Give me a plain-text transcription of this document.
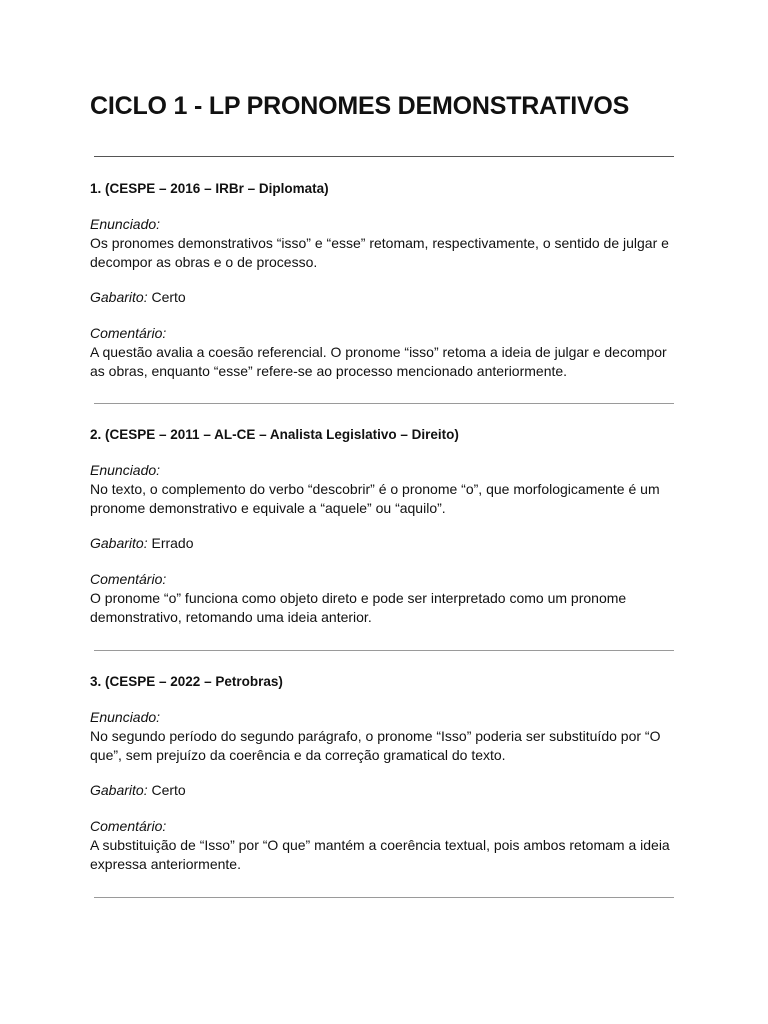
CICLO 1 - LP PRONOMES DEMONSTRATIVOS

1. (CESPE – 2016 – IRBr – Diplomata)

Enunciado:

Os pronomes demonstrativos “isso” e “esse” retomam, respectivamente, o sentido de julgar e decompor as obras e o de processo.

Gabarito: Certo
Comentário:

A questão avalia a coesão referencial. O pronome “isso” retoma a ideia de julgar e decompor as obras, enquanto “esse” refere-se ao processo mencionado anteriormente.

2. (CESPE – 2011 – AL-CE – Analista Legislativo – Direito)

Enunciado:

No texto, o complemento do verbo “descobrir” é o pronome “o”, que morfologicamente é um pronome demonstrativo e equivale a “aquele” ou “aquilo”.

Gabarito: Errado
Comentário:

O pronome “o” funciona como objeto direto e pode ser interpretado como um pronome demonstrativo, retomando uma ideia anterior.

3. (CESPE – 2022 – Petrobras)

Enunciado:

No segundo período do segundo parágrafo, o pronome “Isso” poderia ser substituído por “O que”, sem prejuízo da coerência e da correção gramatical do texto.

Gabarito: Certo
Comentário:

A substituição de “Isso” por “O que” mantém a coerência textual, pois ambos retomam a ideia expressa anteriormente.
